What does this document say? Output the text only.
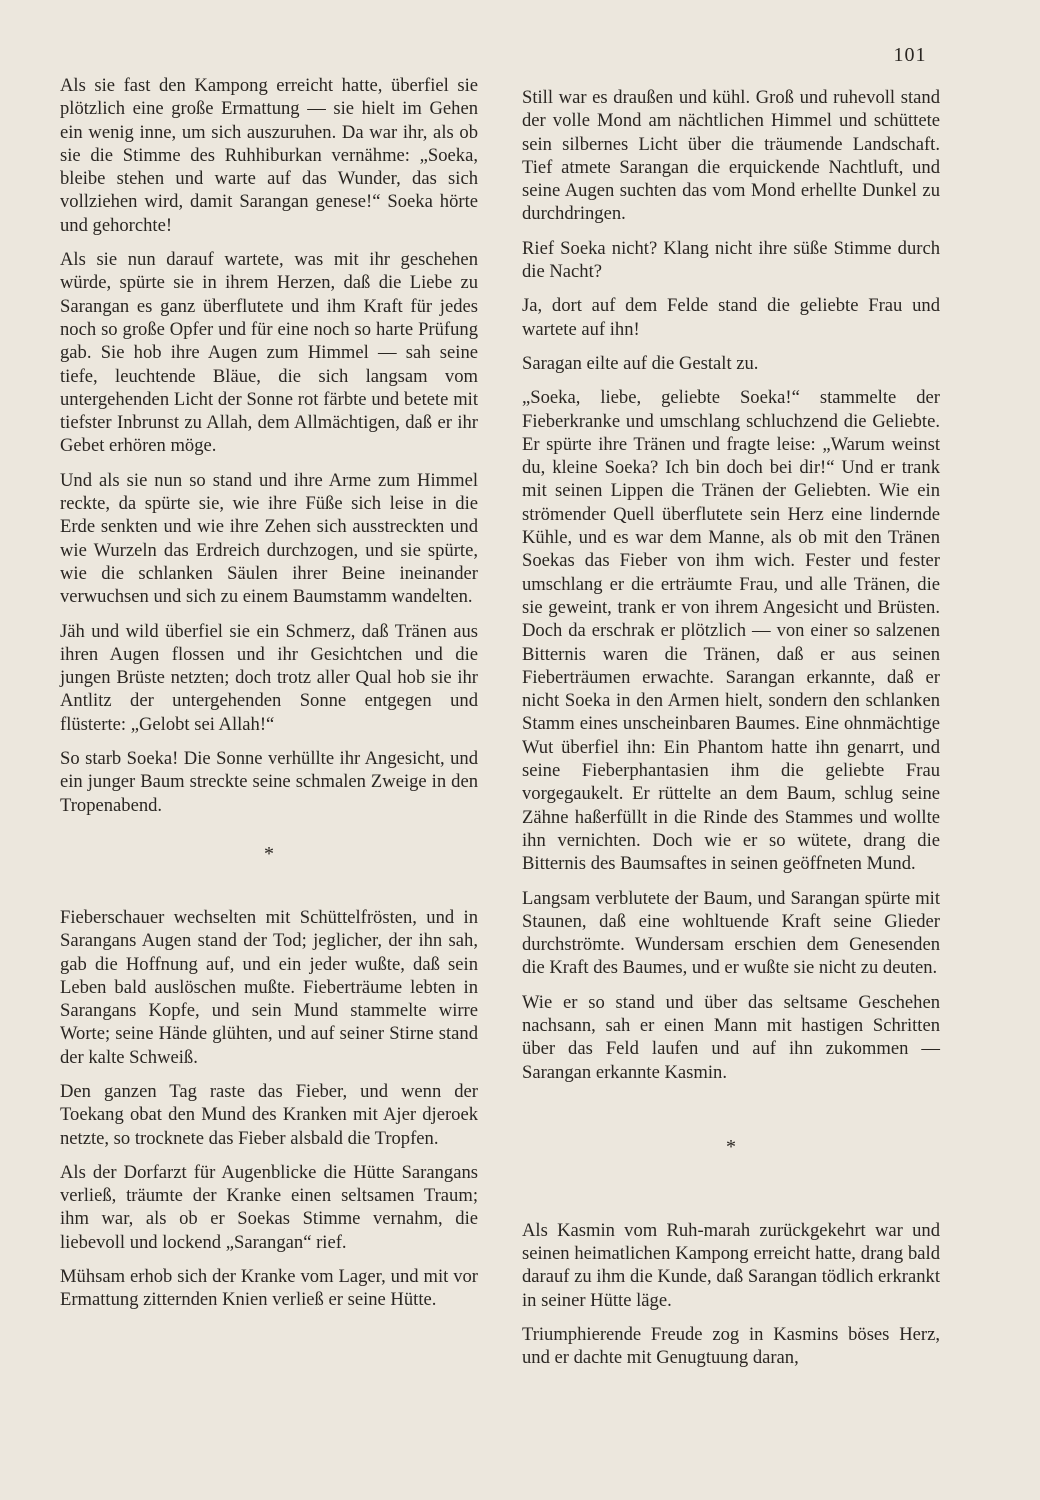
101

Als sie fast den Kampong erreicht hatte, überfiel sie plötzlich eine große Ermattung — sie hielt im Gehen ein wenig inne, um sich auszuruhen. Da war ihr, als ob sie die Stimme des Ruhhiburkan vernähme: „Soeka, bleibe stehen und warte auf das Wunder, das sich vollziehen wird, damit Sarangan genese!“ Soeka hörte und gehorchte!

Als sie nun darauf wartete, was mit ihr geschehen würde, spürte sie in ihrem Herzen, daß die Liebe zu Sarangan es ganz überflutete und ihm Kraft für jedes noch so große Opfer und für eine noch so harte Prüfung gab. Sie hob ihre Augen zum Himmel — sah seine tiefe, leuchtende Bläue, die sich langsam vom untergehenden Licht der Sonne rot färbte und betete mit tiefster Inbrunst zu Allah, dem Allmächtigen, daß er ihr Gebet erhören möge.

Und als sie nun so stand und ihre Arme zum Himmel reckte, da spürte sie, wie ihre Füße sich leise in die Erde senkten und wie ihre Zehen sich ausstreckten und wie Wurzeln das Erdreich durchzogen, und sie spürte, wie die schlanken Säulen ihrer Beine ineinander verwuchsen und sich zu einem Baumstamm wandelten.

Jäh und wild überfiel sie ein Schmerz, daß Tränen aus ihren Augen flossen und ihr Gesichtchen und die jungen Brüste netzten; doch trotz aller Qual hob sie ihr Antlitz der untergehenden Sonne entgegen und flüsterte: „Gelobt sei Allah!“

So starb Soeka! Die Sonne verhüllte ihr Angesicht, und ein junger Baum streckte seine schmalen Zweige in den Tropenabend.

*

Fieberschauer wechselten mit Schüttelfrösten, und in Sarangans Augen stand der Tod; jeglicher, der ihn sah, gab die Hoffnung auf, und ein jeder wußte, daß sein Leben bald auslöschen mußte. Fieberträume lebten in Sarangans Kopfe, und sein Mund stammelte wirre Worte; seine Hände glühten, und auf seiner Stirne stand der kalte Schweiß.

Den ganzen Tag raste das Fieber, und wenn der Toekang obat den Mund des Kranken mit Ajer djeroek netzte, so trocknete das Fieber alsbald die Tropfen.

Als der Dorfarzt für Augenblicke die Hütte Sarangans verließ, träumte der Kranke einen seltsamen Traum; ihm war, als ob er Soekas Stimme vernahm, die liebevoll und lockend „Sarangan“ rief.

Mühsam erhob sich der Kranke vom Lager, und mit vor Ermattung zitternden Knien verließ er seine Hütte.

Still war es draußen und kühl. Groß und ruhevoll stand der volle Mond am nächtlichen Himmel und schüttete sein silbernes Licht über die träumende Landschaft. Tief atmete Sarangan die erquickende Nachtluft, und seine Augen suchten das vom Mond erhellte Dunkel zu durchdringen.

Rief Soeka nicht? Klang nicht ihre süße Stimme durch die Nacht?

Ja, dort auf dem Felde stand die geliebte Frau und wartete auf ihn!

Saragan eilte auf die Gestalt zu.

„Soeka, liebe, geliebte Soeka!“ stammelte der Fieberkranke und umschlang schluchzend die Geliebte. Er spürte ihre Tränen und fragte leise: „Warum weinst du, kleine Soeka? Ich bin doch bei dir!“ Und er trank mit seinen Lippen die Tränen der Geliebten. Wie ein strömender Quell überflutete sein Herz eine lindernde Kühle, und es war dem Manne, als ob mit den Tränen Soekas das Fieber von ihm wich. Fester und fester umschlang er die erträumte Frau, und alle Tränen, die sie geweint, trank er von ihrem Angesicht und Brüsten. Doch da erschrak er plötzlich — von einer so salzenen Bitternis waren die Tränen, daß er aus seinen Fieberträumen erwachte. Sarangan erkannte, daß er nicht Soeka in den Armen hielt, sondern den schlanken Stamm eines unscheinbaren Baumes. Eine ohnmächtige Wut überfiel ihn: Ein Phantom hatte ihn genarrt, und seine Fieberphantasien ihm die geliebte Frau vorgegaukelt. Er rüttelte an dem Baum, schlug seine Zähne haßerfüllt in die Rinde des Stammes und wollte ihn vernichten. Doch wie er so wütete, drang die Bitternis des Baumsaftes in seinen geöffneten Mund.

Langsam verblutete der Baum, und Sarangan spürte mit Staunen, daß eine wohltuende Kraft seine Glieder durchströmte. Wundersam erschien dem Genesenden die Kraft des Baumes, und er wußte sie nicht zu deuten.

Wie er so stand und über das seltsame Geschehen nachsann, sah er einen Mann mit hastigen Schritten über das Feld laufen und auf ihn zukommen — Sarangan erkannte Kasmin.

*

Als Kasmin vom Ruh-marah zurückgekehrt war und seinen heimatlichen Kampong erreicht hatte, drang bald darauf zu ihm die Kunde, daß Sarangan tödlich erkrankt in seiner Hütte läge.

Triumphierende Freude zog in Kasmins böses Herz, und er dachte mit Genugtuung daran,
